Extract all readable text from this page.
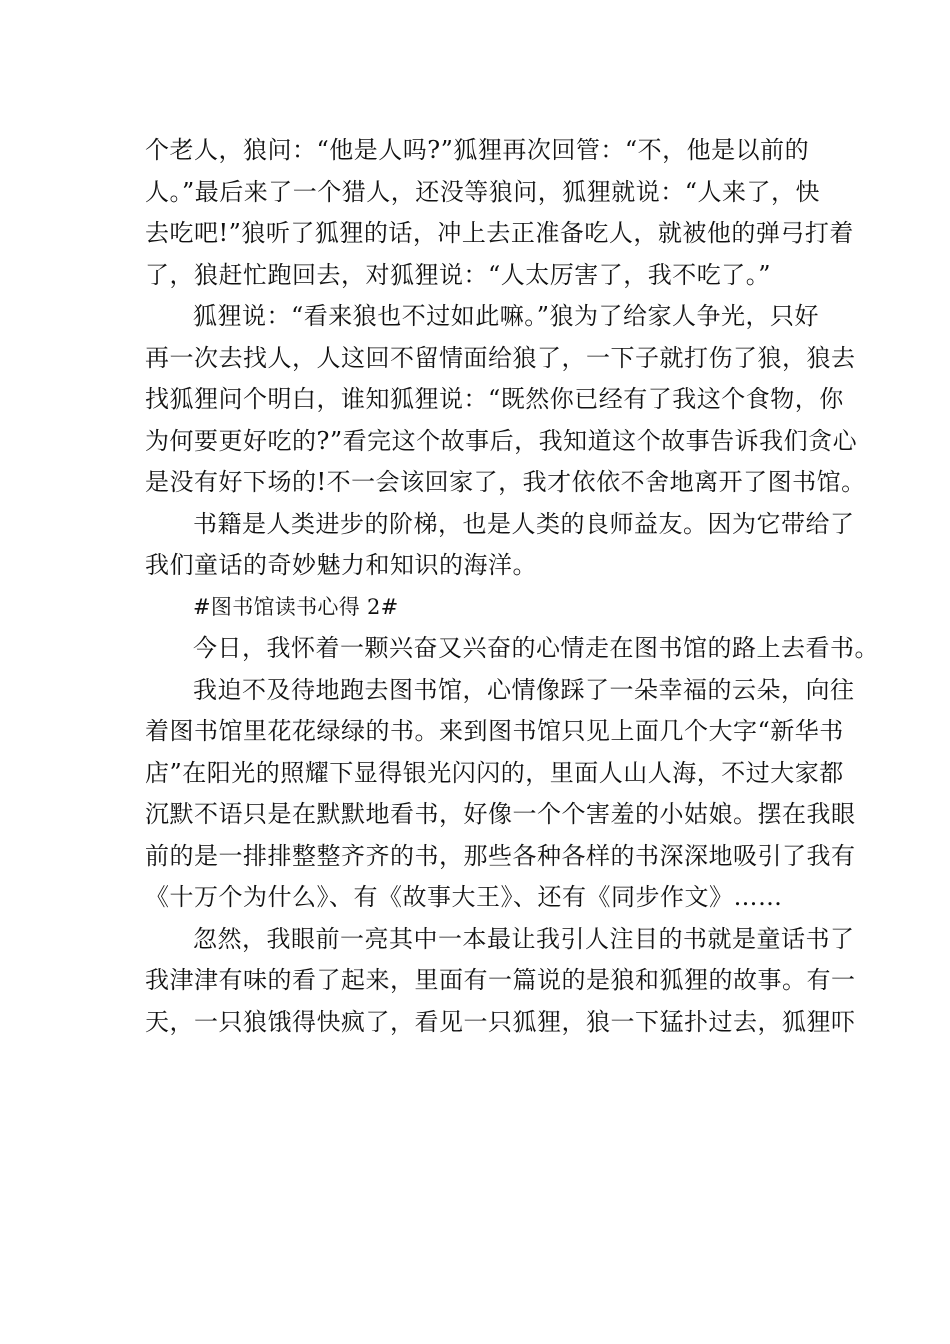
个老人，狼问：“他是人吗?”狐狸再次回管：“不，他是以前的
人。”最后来了一个猎人，还没等狼问，狐狸就说：“人来了，快
去吃吧!”狼听了狐狸的话，冲上去正准备吃人，就被他的弹弓打着
了，狼赶忙跑回去，对狐狸说：“人太厉害了，我不吃了。”

狐狸说：“看来狼也不过如此嘛。”狼为了给家人争光，只好
再一次去找人，人这回不留情面给狼了，一下子就打伤了狼，狼去
找狐狸问个明白，谁知狐狸说：“既然你已经有了我这个食物，你
为何要更好吃的?”看完这个故事后，我知道这个故事告诉我们贪心
是没有好下场的!不一会该回家了，我才依依不舍地离开了图书馆。

书籍是人类进步的阶梯，也是人类的良师益友。因为它带给了
我们童话的奇妙魅力和知识的海洋。

#图书馆读书心得 2#

今日，我怀着一颗兴奋又兴奋的心情走在图书馆的路上去看书。

我迫不及待地跑去图书馆，心情像踩了一朵幸福的云朵，向往
着图书馆里花花绿绿的书。来到图书馆只见上面几个大字“新华书
店”在阳光的照耀下显得银光闪闪的，里面人山人海，不过大家都
沉默不语只是在默默地看书，好像一个个害羞的小姑娘。摆在我眼
前的是一排排整整齐齐的书，那些各种各样的书深深地吸引了我有
《十万个为什么》、有《故事大王》、还有《同步作文》……

忽然，我眼前一亮其中一本最让我引人注目的书就是童话书了
我津津有味的看了起来，里面有一篇说的是狼和狐狸的故事。有一
天，一只狼饿得快疯了，看见一只狐狸，狼一下猛扑过去，狐狸吓
